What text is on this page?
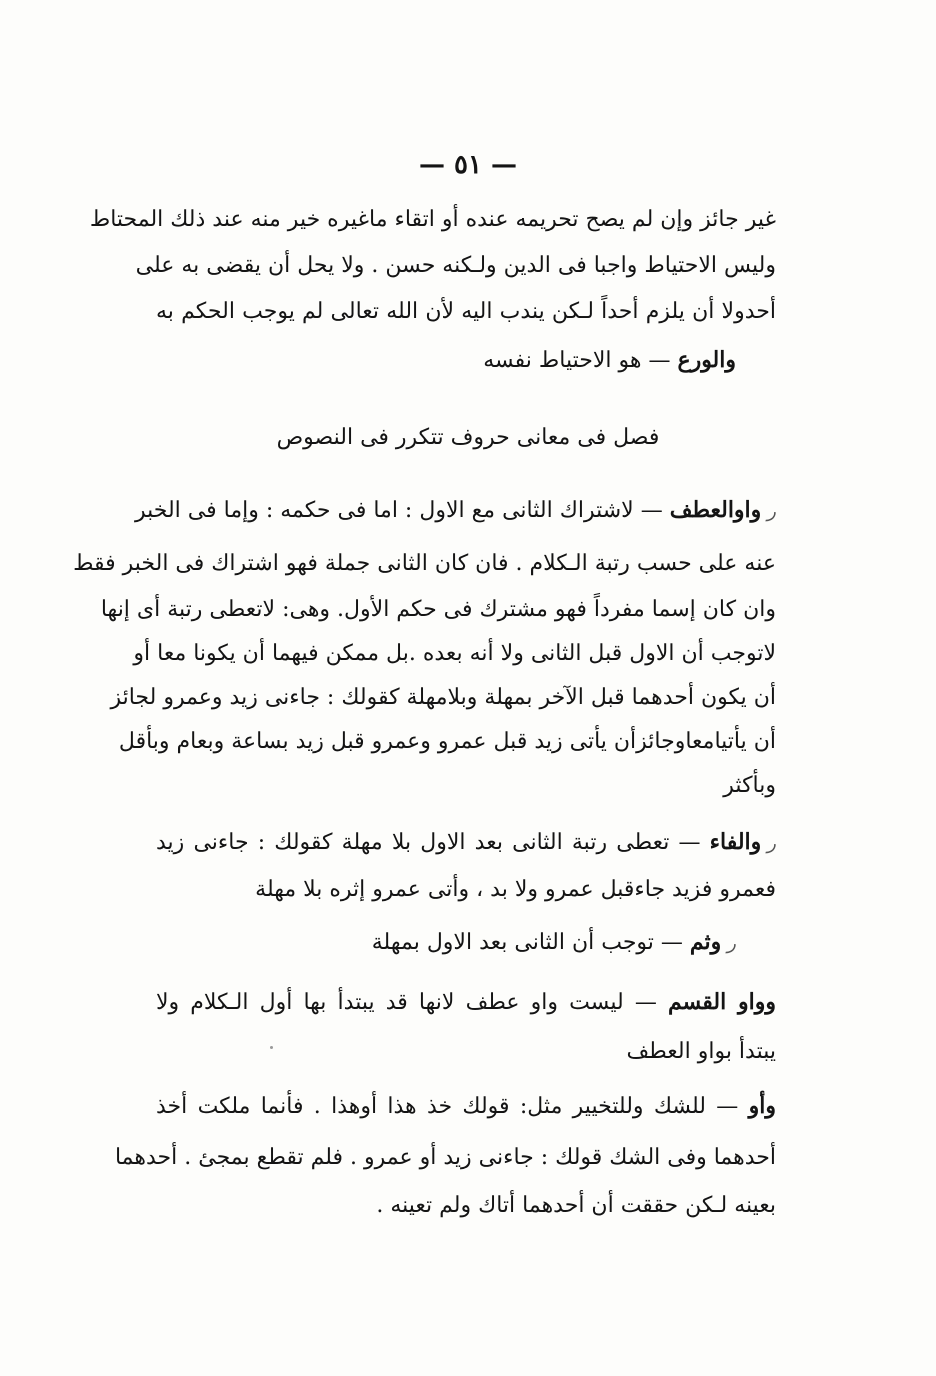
— ٥١ —
غير جائز وإن لم يصح تحريمه عنده أو اتقاء ماغيره خير منه عند ذلك المحتاط
وليس الاحتياط واجبا فى الدين ولـكنه حسن . ولا يحل أن يقضى به على
أحدولا أن يلزم أحداً لـكن يندب اليه لأن الله تعالى لم يوجب الحكم به
والورع — هو الاحتياط نفسه
فصل فى معانى حروف تتكرر فى النصوص
رواوالعطف — لاشتراك الثانى مع الاول : اما فى حكمه : وإما فى الخبر
عنه على حسب رتبة الـكلام . فان كان الثانى جملة فهو اشتراك فى الخبر فقط
وان كان إسما مفرداً فهو مشترك فى حكم الأول. وهى: لاتعطى رتبة أى إنها
لاتوجب أن الاول قبل الثانى ولا أنه بعده .بل ممكن فيهما أن يكونا معا أو
أن يكون أحدهما قبل الآخر بمهلة وبلامهلة كقولك : جاءنى زيد وعمرو لجائز
أن يأتيامعاوجائزأن يأتى زيد قبل عمرو وعمرو قبل زيد بساعة وبعام وبأقل
وبأكثر
روالفاء — تعطى رتبة الثانى بعد الاول بلا مهلة كقولك : جاءنى زيد
فعمرو فزيد جاءقبل عمرو ولا بد ، وأتى عمرو إثره بلا مهلة
روثم — توجب أن الثانى بعد الاول بمهلة
وواو القسم — ليست واو عطف لانها قد يبتدأ بها أول الـكلام ولا
يبتدأ بواو العطف
وأو — للشك وللتخيير مثل: قولك خذ هذا أوهذا . فأنما ملكت أخذ
أحدهما وفى الشك قولك : جاءنى زيد أو عمرو . فلم تقطع بمجئ . أحدهما
بعينه لـكن حققت أن أحدهما أتاك ولم تعينه .
